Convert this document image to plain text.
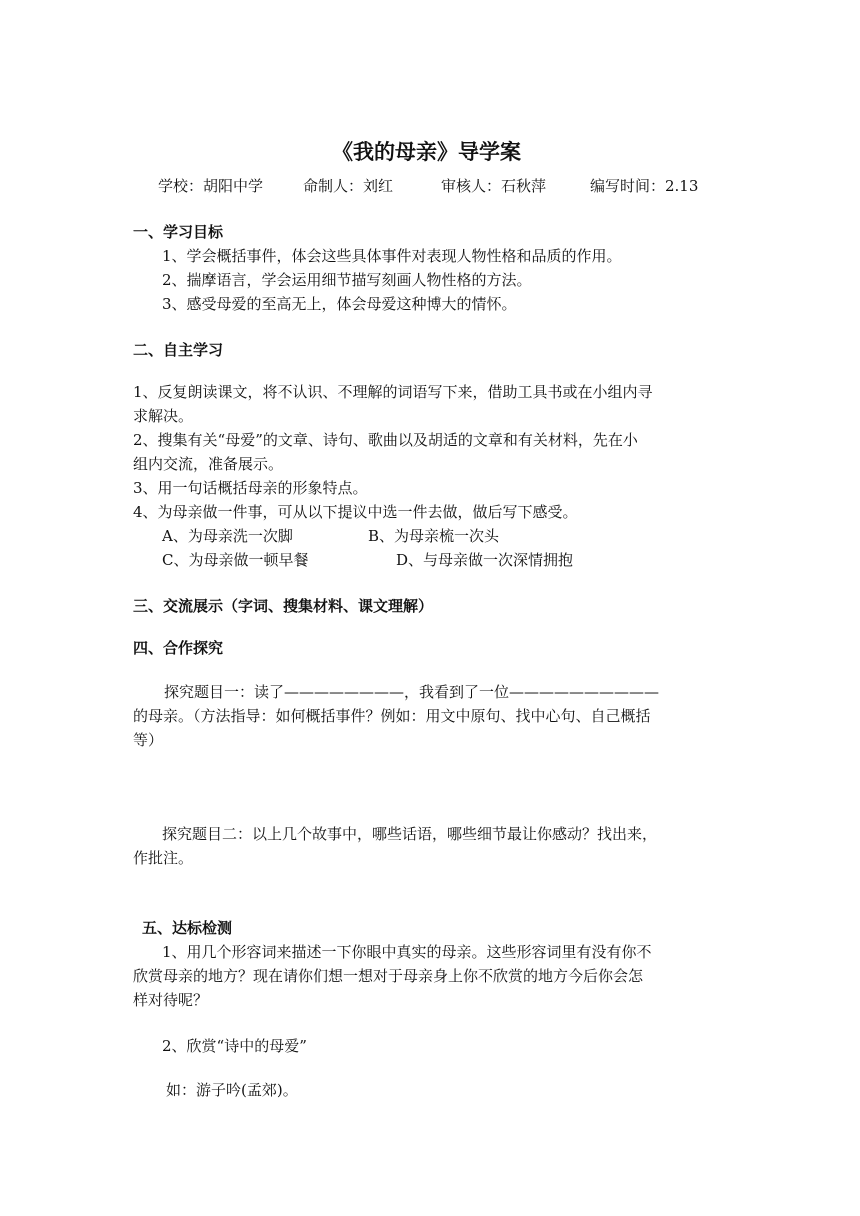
《我的母亲》导学案
学校：胡阳中学	命制人：刘红	审核人：石秋萍	编写时间：2.13
一、学习目标
1、学会概括事件，体会这些具体事件对表现人物性格和品质的作用。
2、揣摩语言，学会运用细节描写刻画人物性格的方法。
3、感受母爱的至高无上，体会母爱这种博大的情怀。
二、自主学习
1、反复朗读课文，将不认识、不理解的词语写下来，借助工具书或在小组内寻
求解决。
2、搜集有关“母爱”的文章、诗句、歌曲以及胡适的文章和有关材料，先在小
组内交流，准备展示。
3、用一句话概括母亲的形象特点。
4、为母亲做一件事，可从以下提议中选一件去做，做后写下感受。
A、为母亲洗一次脚	B、为母亲梳一次头
C、为母亲做一顿早餐	D、与母亲做一次深情拥抱
三、交流展示（字词、搜集材料、课文理解）
四、合作探究
探究题目一：读了————————，我看到了一位——————————
的母亲。（方法指导：如何概括事件？例如：用文中原句、找中心句、自己概括
等）
探究题目二：以上几个故事中，哪些话语，哪些细节最让你感动？找出来，
作批注。
五、达标检测
1、用几个形容词来描述一下你眼中真实的母亲。这些形容词里有没有你不
欣赏母亲的地方？现在请你们想一想对于母亲身上你不欣赏的地方今后你会怎
样对待呢？
2、欣赏“诗中的母爱”
如：游子吟(孟郊)。
